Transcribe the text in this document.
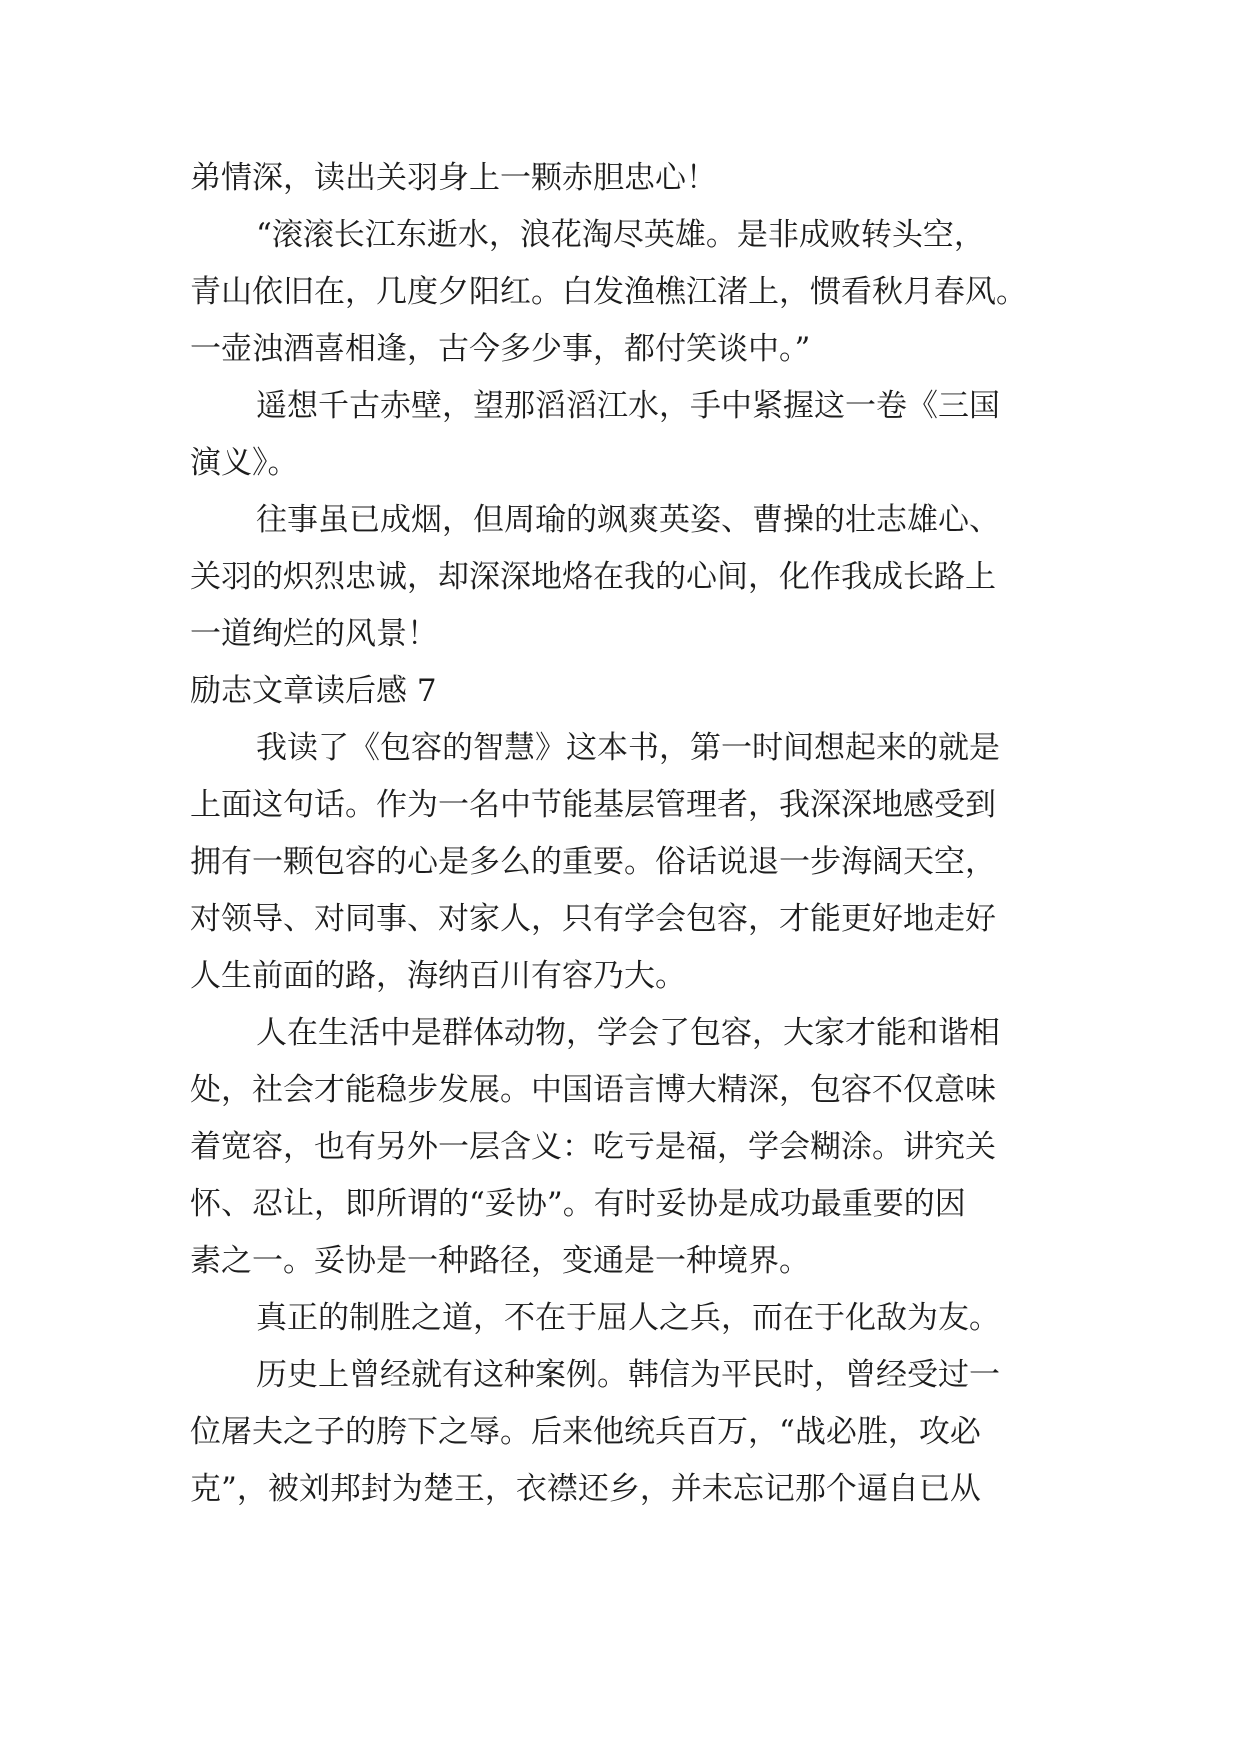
弟情深，读出关羽身上一颗赤胆忠心！
“滚滚长江东逝水，浪花淘尽英雄。是非成败转头空，
青山依旧在，几度夕阳红。白发渔樵江渚上，惯看秋月春风。
一壶浊酒喜相逢，古今多少事，都付笑谈中。”
遥想千古赤壁，望那滔滔江水，手中紧握这一卷《三国
演义》。
往事虽已成烟，但周瑜的飒爽英姿、曹操的壮志雄心、
关羽的炽烈忠诚，却深深地烙在我的心间，化作我成长路上
一道绚烂的风景！
励志文章读后感 7
我读了《包容的智慧》这本书，第一时间想起来的就是
上面这句话。作为一名中节能基层管理者，我深深地感受到
拥有一颗包容的心是多么的重要。俗话说退一步海阔天空，
对领导、对同事、对家人，只有学会包容，才能更好地走好
人生前面的路，海纳百川有容乃大。
人在生活中是群体动物，学会了包容，大家才能和谐相
处，社会才能稳步发展。中国语言博大精深，包容不仅意味
着宽容，也有另外一层含义：吃亏是福，学会糊涂。讲究关
怀、忍让，即所谓的“妥协”。有时妥协是成功最重要的因
素之一。妥协是一种路径，变通是一种境界。
真正的制胜之道，不在于屈人之兵，而在于化敌为友。
历史上曾经就有这种案例。韩信为平民时，曾经受过一
位屠夫之子的胯下之辱。后来他统兵百万，“战必胜，攻必
克”，被刘邦封为楚王，衣襟还乡，并未忘记那个逼自已从
